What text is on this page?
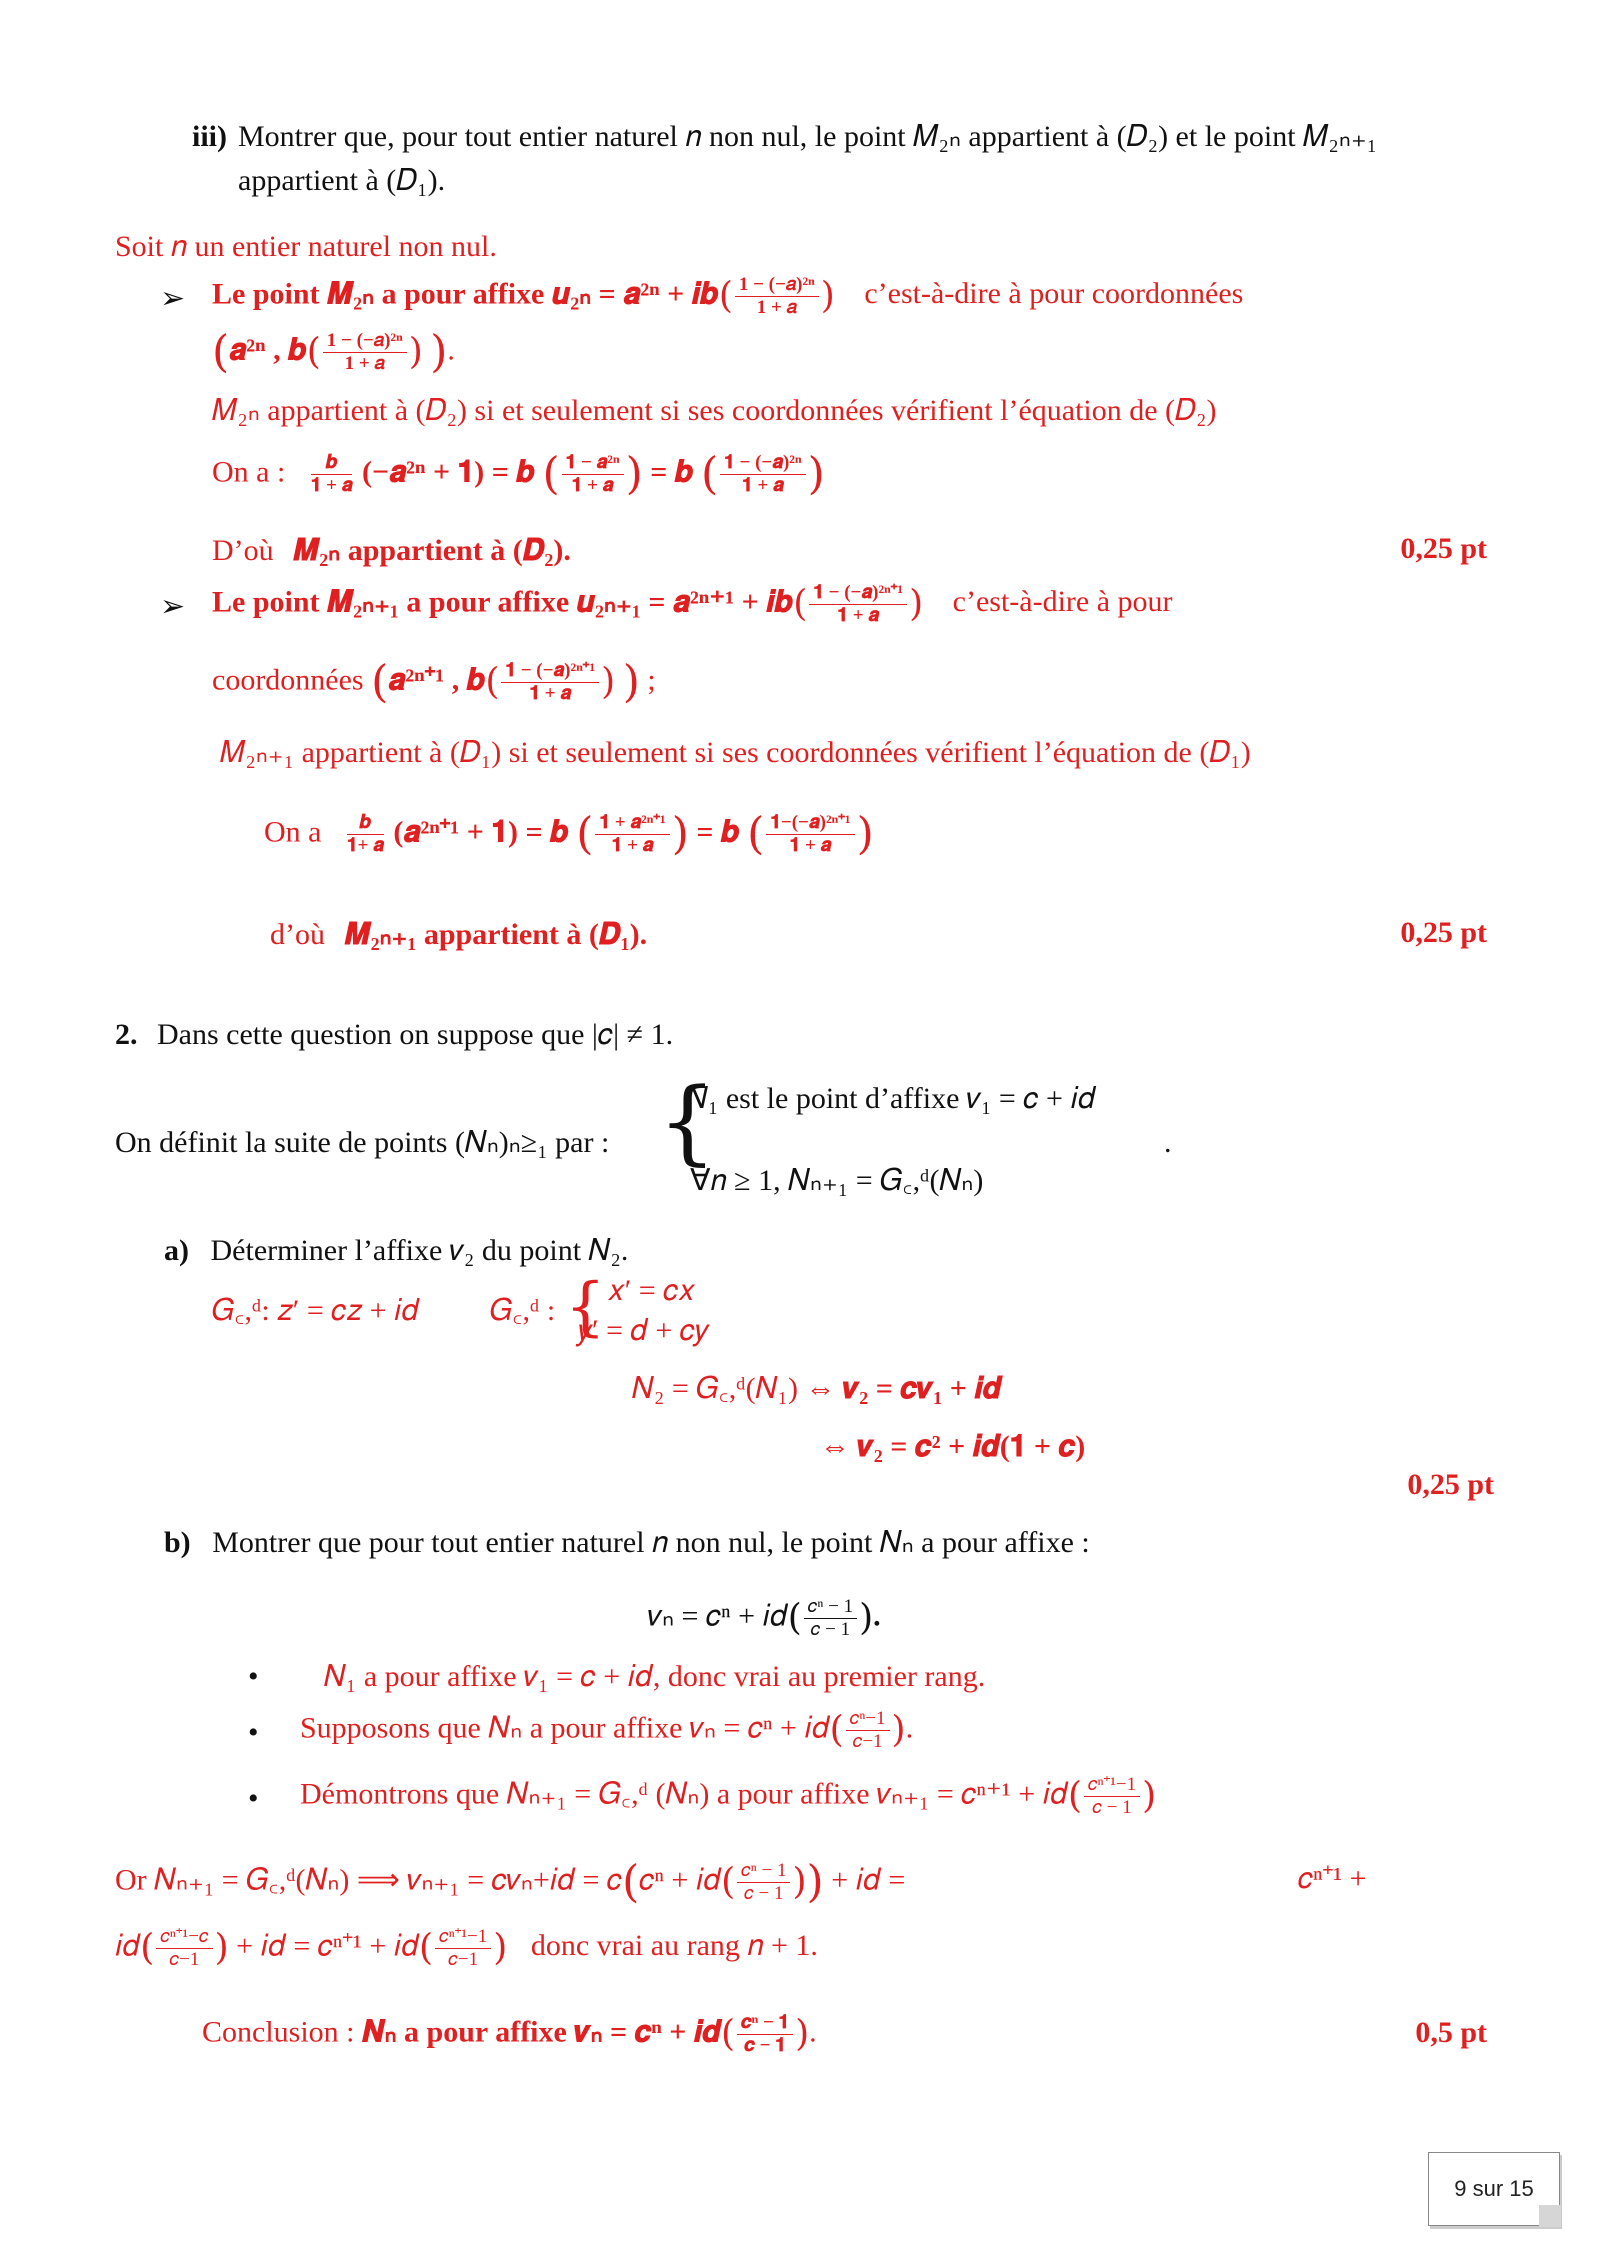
iii) Montrer que, pour tout entier naturel 𝑛 non nul, le point 𝑀₂ₙ appartient à (𝐷₂) et le point 𝑀₂ₙ₊₁
appartient à (𝐷₁).
Soit 𝑛 un entier naturel non nul.
➢ Le point 𝑴₂ₙ a pour affixe 𝒖₂ₙ = 𝒂²ⁿ + 𝒊𝒃( $\frac{\text{1 − (−𝑎)²ⁿ}}{\text{1 + 𝑎}}$ ) c’est-à-dire à pour coordonnées
(𝒂²ⁿ , 𝒃( $\frac{\text{1 − (−𝑎)²ⁿ}}{\text{1 + 𝑎}}$ ) ).
𝑀₂ₙ appartient à (𝐷₂) si et seulement si ses coordonnées vérifient l’équation de (𝐷₂)
On a : $\frac{\text{𝒃}}{\text{𝟏 + 𝒂}}$ (−𝒂²ⁿ + 𝟏) = 𝒃 ( $\frac{\text{𝟏 − 𝒂²ⁿ}}{\text{𝟏 + 𝒂}}$ ) = 𝒃 ( $\frac{\text{𝟏 − (−𝒂)²ⁿ}}{\text{𝟏 + 𝒂}}$ )
D’où 𝑴₂ₙ appartient à (𝑫₂).	0,25 pt
➢ Le point 𝑴₂ₙ₊₁ a pour affixe 𝒖₂ₙ₊₁ = 𝒂²ⁿ⁺¹ + 𝒊𝒃( $\frac{\text{𝟏 − (−𝒂)²ⁿ⁺¹}}{\text{𝟏 + 𝒂}}$ ) c’est-à-dire à pour
coordonnées (𝒂²ⁿ⁺¹ , 𝒃( $\frac{\text{𝟏 − (−𝒂)²ⁿ⁺¹}}{\text{𝟏 + 𝒂}}$ ) ) ;
𝑀₂ₙ₊₁ appartient à (𝐷₁) si et seulement si ses coordonnées vérifient l’équation de (𝐷₁)
On a $\frac{\text{𝒃}}{\text{𝟏+ 𝒂}}$ (𝒂²ⁿ⁺¹ + 𝟏) = 𝒃 ( $\frac{\text{𝟏 + 𝒂²ⁿ⁺¹}}{\text{𝟏 + 𝒂}}$ ) = 𝒃 ( $\frac{\text{𝟏−(−𝒂)²ⁿ⁺¹}}{\text{𝟏 + 𝒂}}$ )
d’où 𝑴₂ₙ₊₁ appartient à (𝑫₁).	0,25 pt
2. Dans cette question on suppose que |𝑐| ≠ 1.
On définit la suite de points (𝑁ₙ)ₙ≥₁ par : {
𝑁₁ est le point d’affixe 𝑣₁ = 𝑐 + 𝑖𝑑
∀𝑛 ≥ 1, 𝑁ₙ₊₁ = 𝐺꜀,ᵈ(𝑁ₙ)
.
a) Déterminer l’affixe 𝑣₂ du point 𝑁₂.
𝐺꜀,ᵈ: 𝑧′ = 𝑐𝑧 + 𝑖𝑑 𝐺꜀,ᵈ : { 𝑥′ = 𝑐𝑥
𝑦′ = 𝑑 + 𝑐𝑦
𝑁₂ = 𝐺꜀,ᵈ(𝑁₁) ⇔ 𝒗₂ = 𝒄𝒗₁ + 𝒊𝒅
⇔ 𝒗₂ = 𝒄² + 𝒊𝒅(𝟏 + 𝒄)
0,25 pt
b) Montrer que pour tout entier naturel 𝑛 non nul, le point 𝑁ₙ a pour affixe :
𝑣ₙ = 𝑐ⁿ + 𝑖𝑑( $\frac{\text{𝑐ⁿ − 1}}{\text{𝑐 − 1}}$ ).
• 𝑁₁ a pour affixe 𝑣₁ = 𝑐 + 𝑖𝑑, donc vrai au premier rang.
• Supposons que 𝑁ₙ a pour affixe 𝑣ₙ = 𝑐ⁿ + 𝑖𝑑( $\frac{\text{𝑐ⁿ−1}}{\text{𝑐−1}}$ ).
• Démontrons que 𝑁ₙ₊₁ = 𝐺꜀,ᵈ (𝑁ₙ) a pour affixe 𝑣ₙ₊₁ = 𝑐ⁿ⁺¹ + 𝑖𝑑( $\frac{\text{𝑐ⁿ⁺¹−1}}{\text{𝑐 − 1}}$ )
Or 𝑁ₙ₊₁ = 𝐺꜀,ᵈ(𝑁ₙ) ⟹ 𝑣ₙ₊₁ = 𝑐𝑣ₙ+𝑖𝑑 = 𝑐(𝑐ⁿ + 𝑖𝑑( $\frac{\text{𝑐ⁿ − 1}}{\text{𝑐 − 1}}$ )) + 𝑖𝑑 =	𝑐ⁿ⁺¹ +
𝑖𝑑( $\frac{\text{𝑐ⁿ⁺¹−𝑐}}{\text{𝑐−1}}$ ) + 𝑖𝑑 = 𝑐ⁿ⁺¹ + 𝑖𝑑( $\frac{\text{𝑐ⁿ⁺¹−1}}{\text{𝑐−1}}$ ) donc vrai au rang 𝑛 + 1.
Conclusion : 𝑵ₙ a pour affixe 𝒗ₙ = 𝒄ⁿ + 𝒊𝒅( $\frac{\text{𝒄ⁿ − 𝟏}}{\text{𝒄 − 𝟏}}$ ).	0,5 pt
9 sur 15
